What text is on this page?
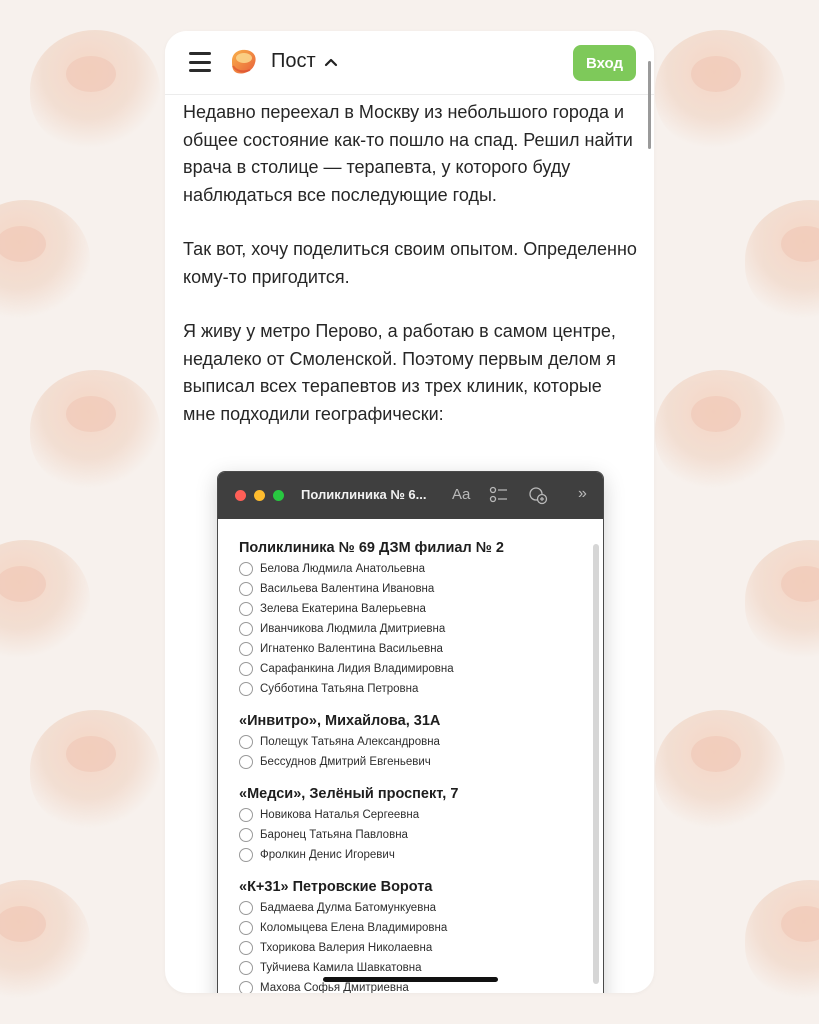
Пост	Вход

Недавно переехал в Москву из небольшого города и общее состояние как-то пошло на спад. Решил найти врача в столице — терапевта, у которого буду наблюдаться все последующие годы.

Так вот, хочу поделиться своим опытом. Определенно кому-то пригодится.

Я живу у метро Перово, а работаю в самом центре, недалеко от Смоленской. Поэтому первым делом я выписал всех терапевтов из трех клиник, которые мне подходили географически:

Поликлиника № 6... Aa	»
Поликлиника № 69 ДЗМ филиал № 2
Белова Людмила Анатольевна
Васильева Валентина Ивановна
Зелева Екатерина Валерьевна
Иванчикова Людмила Дмитриевна
Игнатенко Валентина Васильевна
Сарафанкина Лидия Владимировна
Субботина Татьяна Петровна
«Инвитро», Михайлова, 31А
Полещук Татьяна Александровна
Бессуднов Дмитрий Евгеньевич
«Медси», Зелёный проспект, 7
Новикова Наталья Сергеевна
Баронец Татьяна Павловна
Фролкин Денис Игоревич
«К+31» Петровские Ворота
Бадмаева Дулма Батомункуевна
Коломыцева Елена Владимировна
Тхорикова Валерия Николаевна
Туйчиева Камила Шавкатовна
Махова Софья Дмитриевна
